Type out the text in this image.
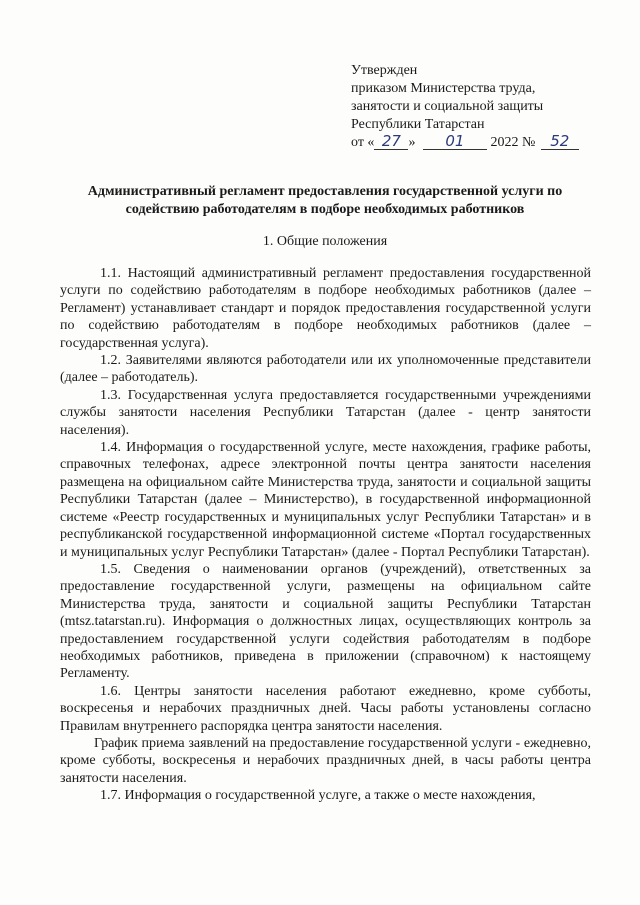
Утвержден
приказом Министерства труда,
занятости и социальной защиты
Республики Татарстан
от « 27 » 01 2022 № 52
Административный регламент предоставления государственной услуги по содействию работодателям в подборе необходимых работников
1. Общие положения

1.1. Настоящий административный регламент предоставления государственной услуги по содействию работодателям в подборе необходимых работников (далее – Регламент) устанавливает стандарт и порядок предоставления государственной услуги по содействию работодателям в подборе необходимых работников (далее – государственная услуга).

1.2. Заявителями являются работодатели или их уполномоченные представители (далее – работодатель).

1.3. Государственная услуга предоставляется государственными учреждениями службы занятости населения Республики Татарстан (далее - центр занятости населения).

1.4. Информация о государственной услуге, месте нахождения, графике работы, справочных телефонах, адресе электронной почты центра занятости населения размещена на официальном сайте Министерства труда, занятости и социальной защиты Республики Татарстан (далее – Министерство), в государственной информационной системе «Реестр государственных и муниципальных услуг Республики Татарстан» и в республиканской государственной информационной системе «Портал государственных и муниципальных услуг Республики Татарстан» (далее - Портал Республики Татарстан).

1.5. Сведения о наименовании органов (учреждений), ответственных за предоставление государственной услуги, размещены на официальном сайте Министерства труда, занятости и социальной защиты Республики Татарстан (mtsz.tatarstan.ru). Информация о должностных лицах, осуществляющих контроль за предоставлением государственной услуги содействия работодателям в подборе необходимых работников, приведена в приложении (справочном) к настоящему Регламенту.

1.6. Центры занятости населения работают ежедневно, кроме субботы, воскресенья и нерабочих праздничных дней. Часы работы установлены согласно Правилам внутреннего распорядка центра занятости населения.

График приема заявлений на предоставление государственной услуги - ежедневно, кроме субботы, воскресенья и нерабочих праздничных дней, в часы работы центра занятости населения.

1.7. Информация о государственной услуге, а также о месте нахождения,
